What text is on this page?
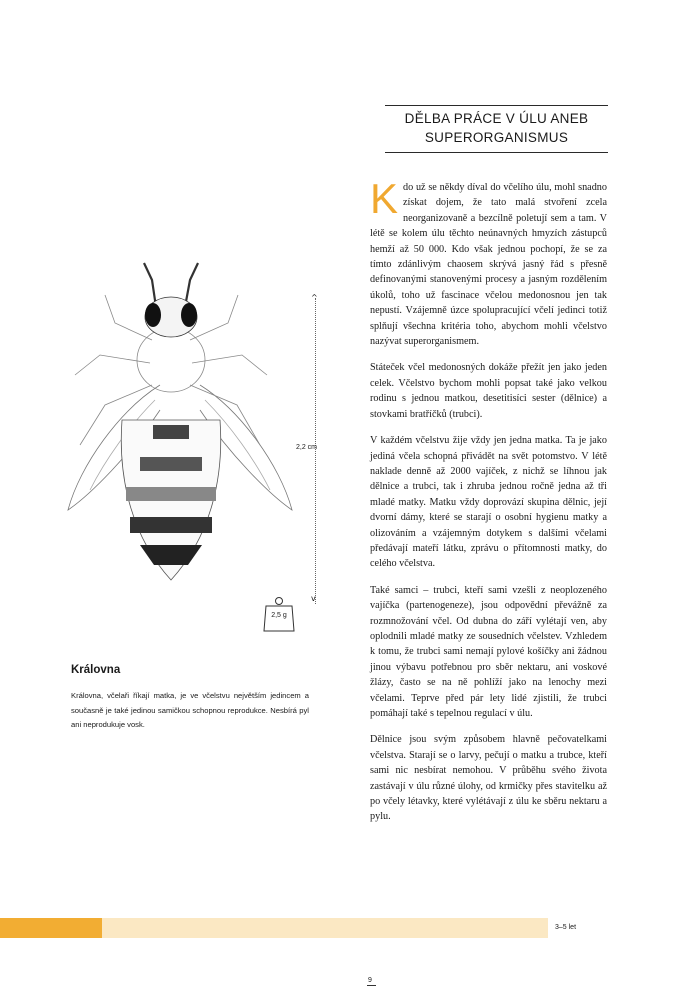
DĚLBA PRÁCE V ÚLU ANEB
SUPERORGANISMUS

Kdo už se někdy díval do včelího úlu, mohl snadno získat dojem, že tato malá stvoření zcela neorganizovaně a bezcílně poletují sem a tam. V létě se kolem úlu těchto neúnavných hmyzích zástupců hemží až 50 000. Kdo však jednou pochopí, že se za tímto zdánlivým chaosem skrývá jasný řád s přesně definovanými stanovenými procesy a jasným rozdělením úkolů, toho už fascinace včelou medonosnou jen tak nepustí. Vzájemně úzce spolupracující včelí jedinci totiž splňují všechna kritéria toho, abychom mohli včelstvo nazývat superorganismem.

Státeček včel medonosných dokáže přežít jen jako jeden celek. Včelstvo bychom mohli popsat také jako velkou rodinu s jednou matkou, desetitisíci sester (dělnice) a stovkami bratříčků (trubci).

V každém včelstvu žije vždy jen jedna matka. Ta je jako jediná včela schopná přivádět na svět potomstvo. V létě naklade denně až 2000 vajíček, z nichž se líhnou jak dělnice a trubci, tak i zhruba jednou ročně jedna až tři mladé matky. Matku vždy doprovází skupina dělnic, její dvorní dámy, které se starají o osobní hygienu matky a olizováním a vzájemným dotykem s dalšími včelami předávají mateří látku, zprávu o přítomnosti matky, do celého včelstva.

Také samci – trubci, kteří sami vzešli z neoplozeného vajíčka (partenogeneze), jsou odpovědní převážně za rozmnožování včel. Od dubna do září vylétají ven, aby oplodnili mladé matky ze sousedních včelstev. Vzhledem k tomu, že trubci sami nemají pylové košíčky ani žádnou jinou výbavu potřebnou pro sběr nektaru, ani voskové žlázy, často se na ně pohlíží jako na lenochy mezi včelami. Teprve před pár lety lidé zjistili, že trubci pomáhají také s tepelnou regulací v úlu.

Dělnice jsou svým způsobem hlavně pečovatelkami včelstva. Starají se o larvy, pečují o matku a trubce, kteří sami nic nesbírat nemohou. V průběhu svého života zastávají v úlu různé úlohy, od krmičky přes stavitelku až po včely létavky, které vylétávají z úlu ke sběru nektaru a pylu.

^
v
2,2 cm
2,5 g
Královna
Královna, včelaři říkají matka, je ve včelstvu největším jedincem a současně je také jedinou samičkou schopnou reprodukce. Nesbírá pyl ani neprodukuje vosk.
3–5 let
9
